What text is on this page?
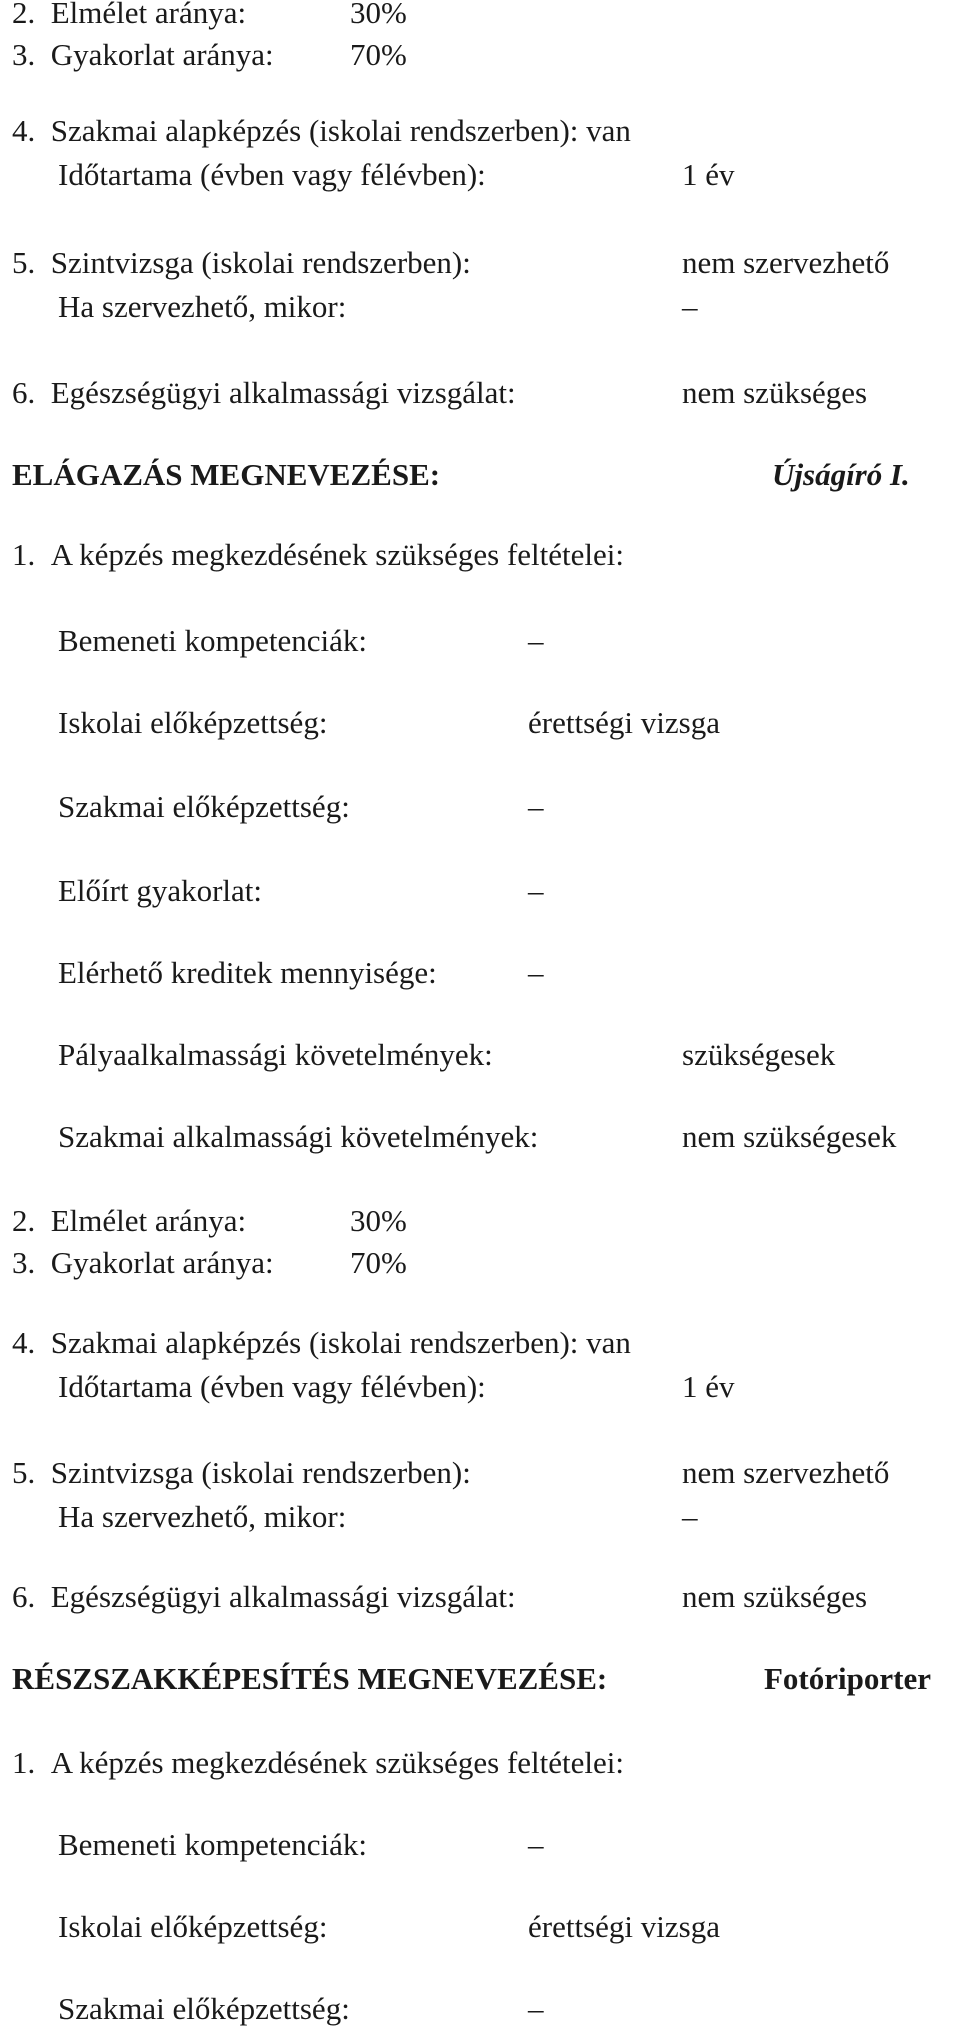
2.  Elmélet aránya:	30%
3.  Gyakorlat aránya: 70%
4.  Szakmai alapképzés (iskolai rendszerben): van
Időtartama (évben vagy félévben):	1 év
5.  Szintvizsga (iskolai rendszerben):	nem szervezhető
Ha szervezhető, mikor:	–
6.  Egészségügyi alkalmassági vizsgálat:	nem szükséges
ELÁGAZÁS MEGNEVEZÉSE:	Újságíró I.
1.  A képzés megkezdésének szükséges feltételei:
Bemeneti kompetenciák:	–
Iskolai előképzettség:	érettségi vizsga
Szakmai előképzettség:	–
Előírt gyakorlat:	–
Elérhető kreditek mennyisége:	–
Pályaalkalmassági követelmények:	szükségesek
Szakmai alkalmassági követelmények:	nem szükségesek
2.  Elmélet aránya:	30%
3.  Gyakorlat aránya: 70%
4.  Szakmai alapképzés (iskolai rendszerben): van
Időtartama (évben vagy félévben):	1 év
5.  Szintvizsga (iskolai rendszerben):	nem szervezhető
Ha szervezhető, mikor:	–
6.  Egészségügyi alkalmassági vizsgálat:	nem szükséges
RÉSZSZAKKÉPESÍTÉS MEGNEVEZÉSE:	Fotóriporter
1.  A képzés megkezdésének szükséges feltételei:
Bemeneti kompetenciák:	–
Iskolai előképzettség:	érettségi vizsga
Szakmai előképzettség:	–
